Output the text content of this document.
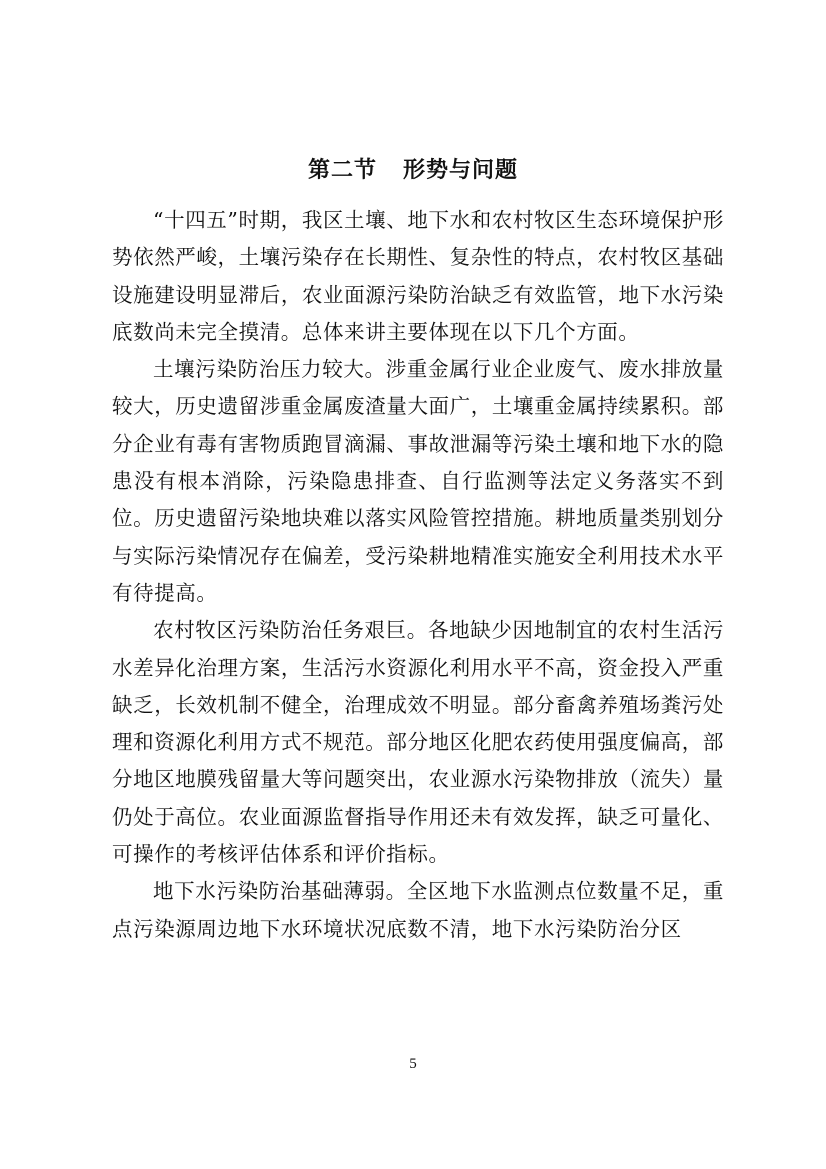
第二节 形势与问题

“十四五”时期，我区土壤、地下水和农村牧区生态环境保护形势依然严峻，土壤污染存在长期性、复杂性的特点，农村牧区基础设施建设明显滞后，农业面源污染防治缺乏有效监管，地下水污染底数尚未完全摸清。总体来讲主要体现在以下几个方面。

土壤污染防治压力较大。涉重金属行业企业废气、废水排放量较大，历史遗留涉重金属废渣量大面广，土壤重金属持续累积。部分企业有毒有害物质跑冒滴漏、事故泄漏等污染土壤和地下水的隐患没有根本消除，污染隐患排查、自行监测等法定义务落实不到位。历史遗留污染地块难以落实风险管控措施。耕地质量类别划分与实际污染情况存在偏差，受污染耕地精准实施安全利用技术水平有待提高。

农村牧区污染防治任务艰巨。各地缺少因地制宜的农村生活污水差异化治理方案，生活污水资源化利用水平不高，资金投入严重缺乏，长效机制不健全，治理成效不明显。部分畜禽养殖场粪污处理和资源化利用方式不规范。部分地区化肥农药使用强度偏高，部分地区地膜残留量大等问题突出，农业源水污染物排放（流失）量仍处于高位。农业面源监督指导作用还未有效发挥，缺乏可量化、可操作的考核评估体系和评价指标。

地下水污染防治基础薄弱。全区地下水监测点位数量不足，重点污染源周边地下水环境状况底数不清，地下水污染防治分区

5
